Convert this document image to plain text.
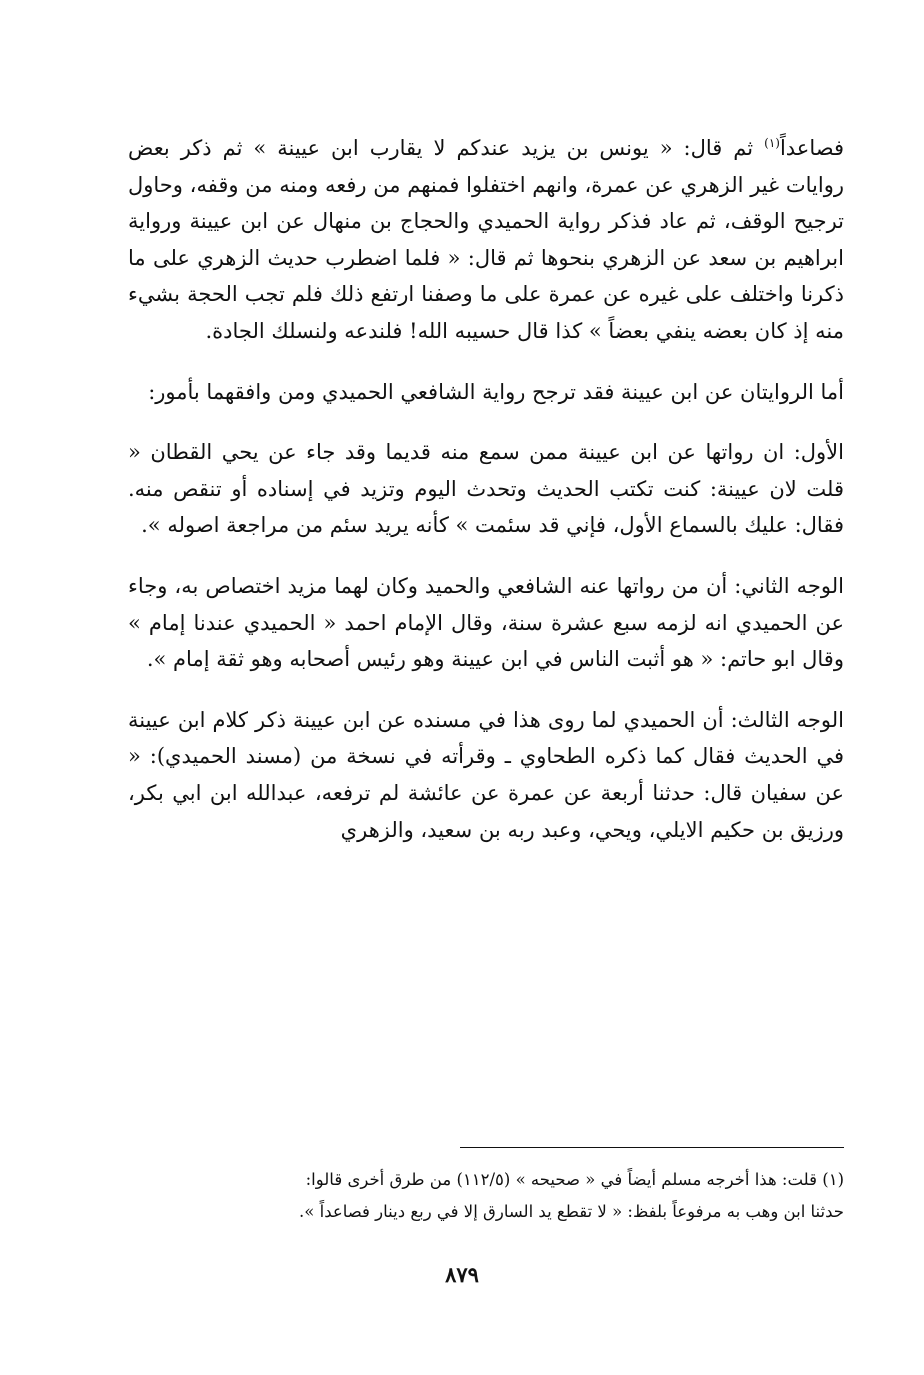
فصاعداً$^{(١)}$ ثم قال: « يونس بن يزيد عندكم لا يقارب ابن عيينة » ثم ذكر بعض روايات غير الزهري عن عمرة، وانهم اختفلوا فمنهم من رفعه ومنه من وقفه، وحاول ترجيح الوقف، ثم عاد فذكر رواية الحميدي والحجاج بن منهال عن ابن عيينة ورواية ابراهيم بن سعد عن الزهري بنحوها ثم قال: « فلما اضطرب حديث الزهري على ما ذكرنا واختلف على غيره عن عمرة على ما وصفنا ارتفع ذلك فلم تجب الحجة بشيء منه إذ كان بعضه ينفي بعضاً » كذا قال حسيبه الله! فلندعه ولنسلك الجادة.

أما الروايتان عن ابن عيينة فقد ترجح رواية الشافعي الحميدي ومن وافقهما بأمور:

الأول: ان رواتها عن ابن عيينة ممن سمع منه قديما وقد جاء عن يحي القطان « قلت لان عيينة: كنت تكتب الحديث وتحدث اليوم وتزيد في إسناده أو تنقص منه. فقال: عليك بالسماع الأول، فإني قد سئمت » كأنه يريد سئم من مراجعة اصوله ».

الوجه الثاني: أن من رواتها عنه الشافعي والحميد وكان لهما مزيد اختصاص به، وجاء عن الحميدي انه لزمه سبع عشرة سنة، وقال الإمام احمد « الحميدي عندنا إمام » وقال ابو حاتم: « هو أثبت الناس في ابن عيينة وهو رئيس أصحابه وهو ثقة إمام ».

الوجه الثالث: أن الحميدي لما روى هذا في مسنده عن ابن عيينة ذكر كلام ابن عيينة في الحديث فقال كما ذكره الطحاوي ـ وقرأته في نسخة من (مسند الحميدي): « عن سفيان قال: حدثنا أربعة عن عمرة عن عائشة لم ترفعه، عبدالله ابن ابي بكر، ورزيق بن حكيم الايلي، ويحي، وعبد ربه بن سعيد، والزهري

(١) قلت: هذا أخرجه مسلم أيضاً في « صحيحه » (١١٢/٥) من طرق أخرى قالوا:

حدثنا ابن وهب به مرفوعاً بلفظ: « لا تقطع يد السارق إلا في ربع دينار فصاعداً ».

٨٧٩
